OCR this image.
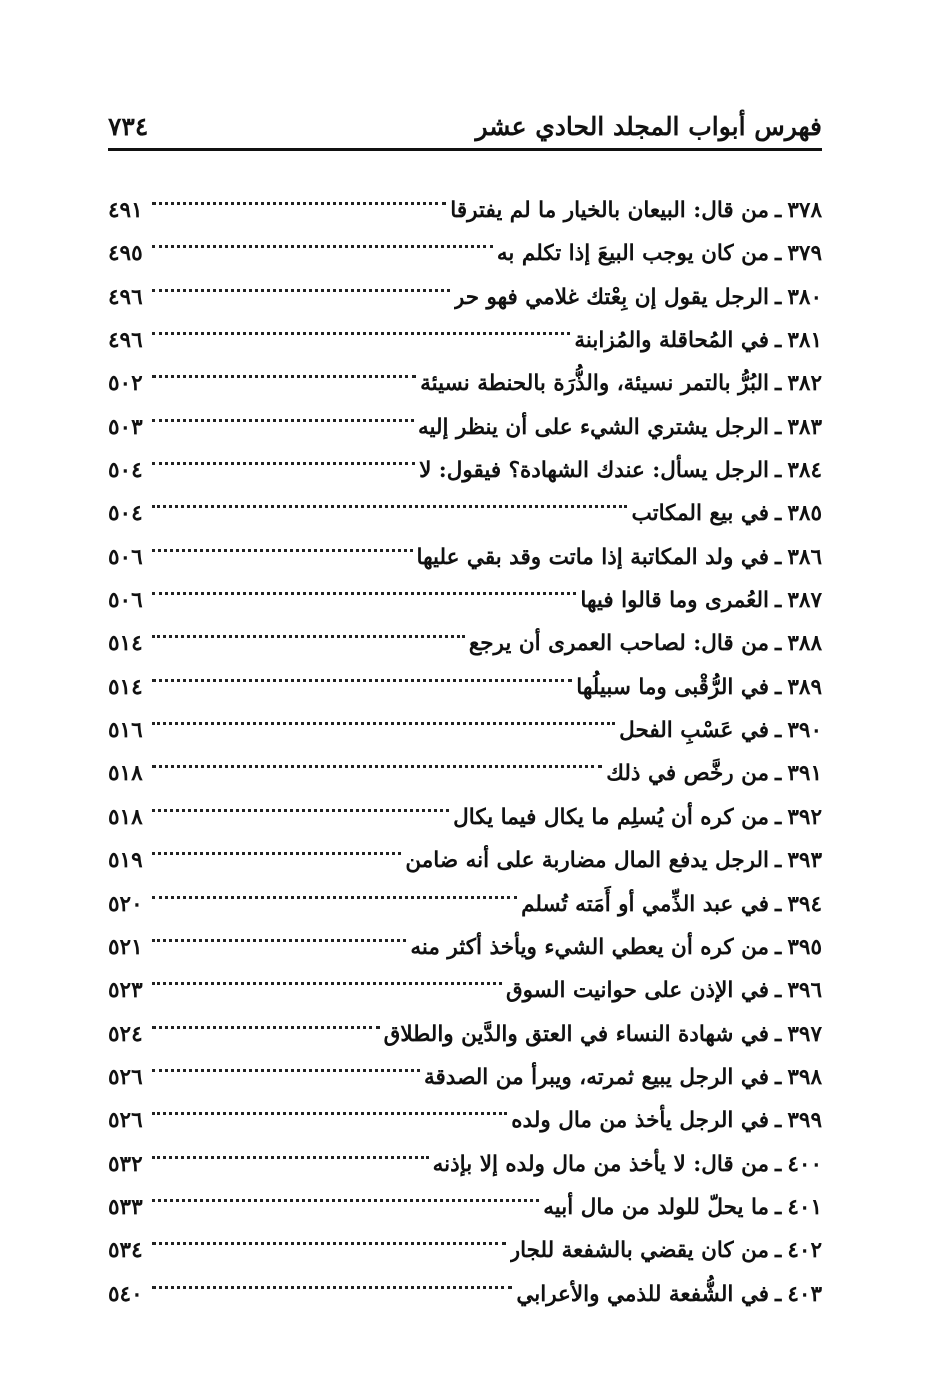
فهرس أبواب المجلد الحادي عشر
٧٣٤
٣٧٨
ـ
من قال: البيعان بالخيار ما لم يفترقا
٤٩١
٣٧٩
ـ
من كان يوجب البيعَ إذا تكلم به
٤٩٥
٣٨٠
ـ
الرجل يقول إن بِعْتك غلامي فهو حر
٤٩٦
٣٨١
ـ
في المُحاقلة والمُزابنة
٤٩٦
٣٨٢
ـ
البُرُّ بالتمر نسيئة، والذُّرَة بالحنطة نسيئة
٥٠٢
٣٨٣
ـ
الرجل يشتري الشيء على أن ينظر إليه
٥٠٣
٣٨٤
ـ
الرجل يسأل: عندك الشهادة؟ فيقول: لا
٥٠٤
٣٨٥
ـ
في بيع المكاتب
٥٠٤
٣٨٦
ـ
في ولد المكاتبة إذا ماتت وقد بقي عليها
٥٠٦
٣٨٧
ـ
العُمرى وما قالوا فيها
٥٠٦
٣٨٨
ـ
من قال: لصاحب العمرى أن يرجع
٥١٤
٣٨٩
ـ
في الرُّقْبى وما سبيلُها
٥١٤
٣٩٠
ـ
في عَسْبِ الفحل
٥١٦
٣٩١
ـ
من رخَّص في ذلك
٥١٨
٣٩٢
ـ
من كره أن يُسلِم ما يكال فيما يكال
٥١٨
٣٩٣
ـ
الرجل يدفع المال مضاربة على أنه ضامن
٥١٩
٣٩٤
ـ
في عبد الذِّمي أو أَمَته تُسلم
٥٢٠
٣٩٥
ـ
من كره أن يعطي الشيء ويأخذ أكثر منه
٥٢١
٣٩٦
ـ
في الإذن على حوانيت السوق
٥٢٣
٣٩٧
ـ
في شهادة النساء في العتق والدَّين والطلاق
٥٢٤
٣٩٨
ـ
في الرجل يبيع ثمرته، ويبرأ من الصدقة
٥٢٦
٣٩٩
ـ
في الرجل يأخذ من مال ولده
٥٢٦
٤٠٠
ـ
من قال: لا يأخذ من مال ولده إلا بإذنه
٥٣٢
٤٠١
ـ
ما يحلّ للولد من مال أبيه
٥٣٣
٤٠٢
ـ
من كان يقضي بالشفعة للجار
٥٣٤
٤٠٣
ـ
في الشُّفعة للذمي والأعرابي
٥٤٠
